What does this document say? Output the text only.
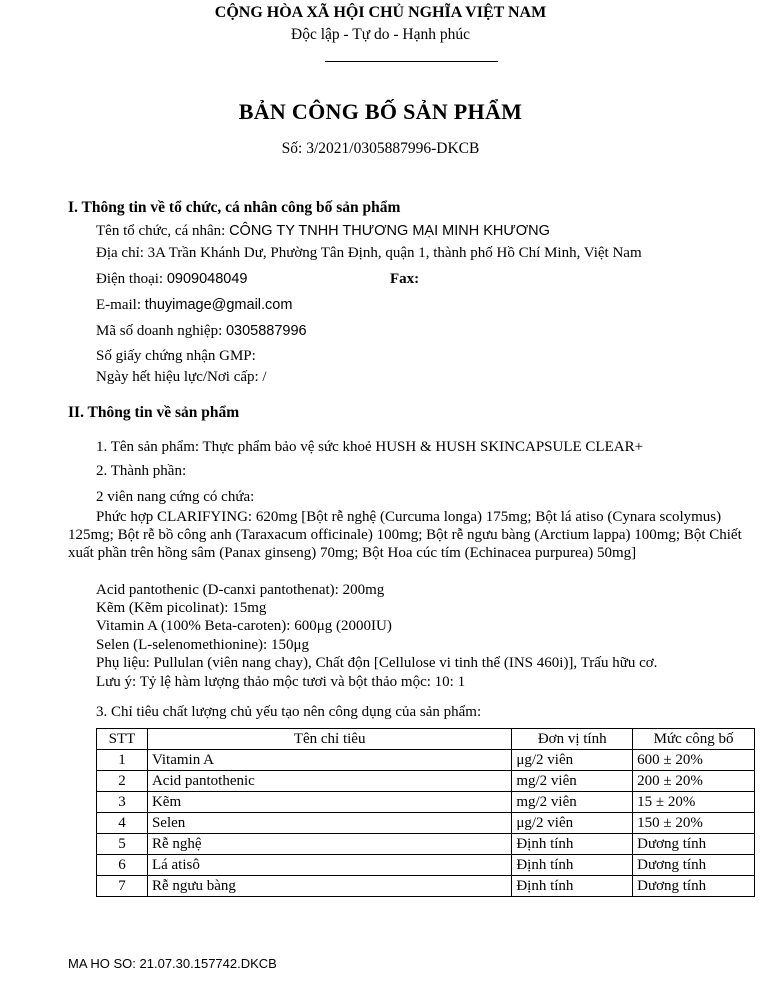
CỘNG HÒA XÃ HỘI CHỦ NGHĨA VIỆT NAM
Độc lập - Tự do - Hạnh phúc
BẢN CÔNG BỐ SẢN PHẨM
Số: 3/2021/0305887996-DKCB
I. Thông tin về tổ chức, cá nhân công bố sản phẩm
Tên tổ chức, cá nhân: CÔNG TY TNHH THƯƠNG MẠI MINH KHƯƠNG
Địa chỉ: 3A Trần Khánh Dư, Phường Tân Định, quận 1, thành phố Hồ Chí Minh, Việt Nam
Điện thoại: 0909048049	Fax:
E-mail: thuyimage@gmail.com
Mã số doanh nghiệp: 0305887996
Số giấy chứng nhận GMP:
Ngày hết hiệu lực/Nơi cấp: /
II. Thông tin về sản phẩm
1. Tên sản phẩm: Thực phẩm bảo vệ sức khoẻ HUSH & HUSH SKINCAPSULE CLEAR+
2. Thành phần:
2 viên nang cứng có chứa:
Phức hợp CLARIFYING: 620mg [Bột rễ nghệ (Curcuma longa) 175mg; Bột lá atiso (Cynara scolymus) 125mg; Bột rễ bồ công anh (Taraxacum officinale) 100mg; Bột rễ ngưu bàng (Arctium lappa) 100mg; Bột Chiết xuất phần trên hồng sâm (Panax ginseng) 70mg; Bột Hoa cúc tím (Echinacea purpurea) 50mg]
Acid pantothenic (D-canxi pantothenat): 200mg
Kẽm (Kẽm picolinat): 15mg
Vitamin A (100% Beta-caroten): 600μg (2000IU)
Selen (L-selenomethionine): 150μg
Phụ liệu: Pullulan (viên nang chay), Chất độn [Cellulose vi tinh thể (INS 460i)], Trấu hữu cơ.
Lưu ý: Tỷ lệ hàm lượng thảo mộc tươi và bột thảo mộc: 10: 1
3. Chỉ tiêu chất lượng chủ yếu tạo nên công dụng của sản phẩm:
STT	Tên chỉ tiêu	Đơn vị tính	Mức công bố
1	Vitamin A	μg/2 viên	600 ± 20%
2	Acid pantothenic	mg/2 viên	200 ± 20%
3	Kẽm	mg/2 viên	15 ± 20%
4	Selen	μg/2 viên	150 ± 20%
5	Rễ nghệ	Định tính	Dương tính
6	Lá atisô	Định tính	Dương tính
7	Rễ ngưu bàng	Định tính	Dương tính
MA HO SO: 21.07.30.157742.DKCB
